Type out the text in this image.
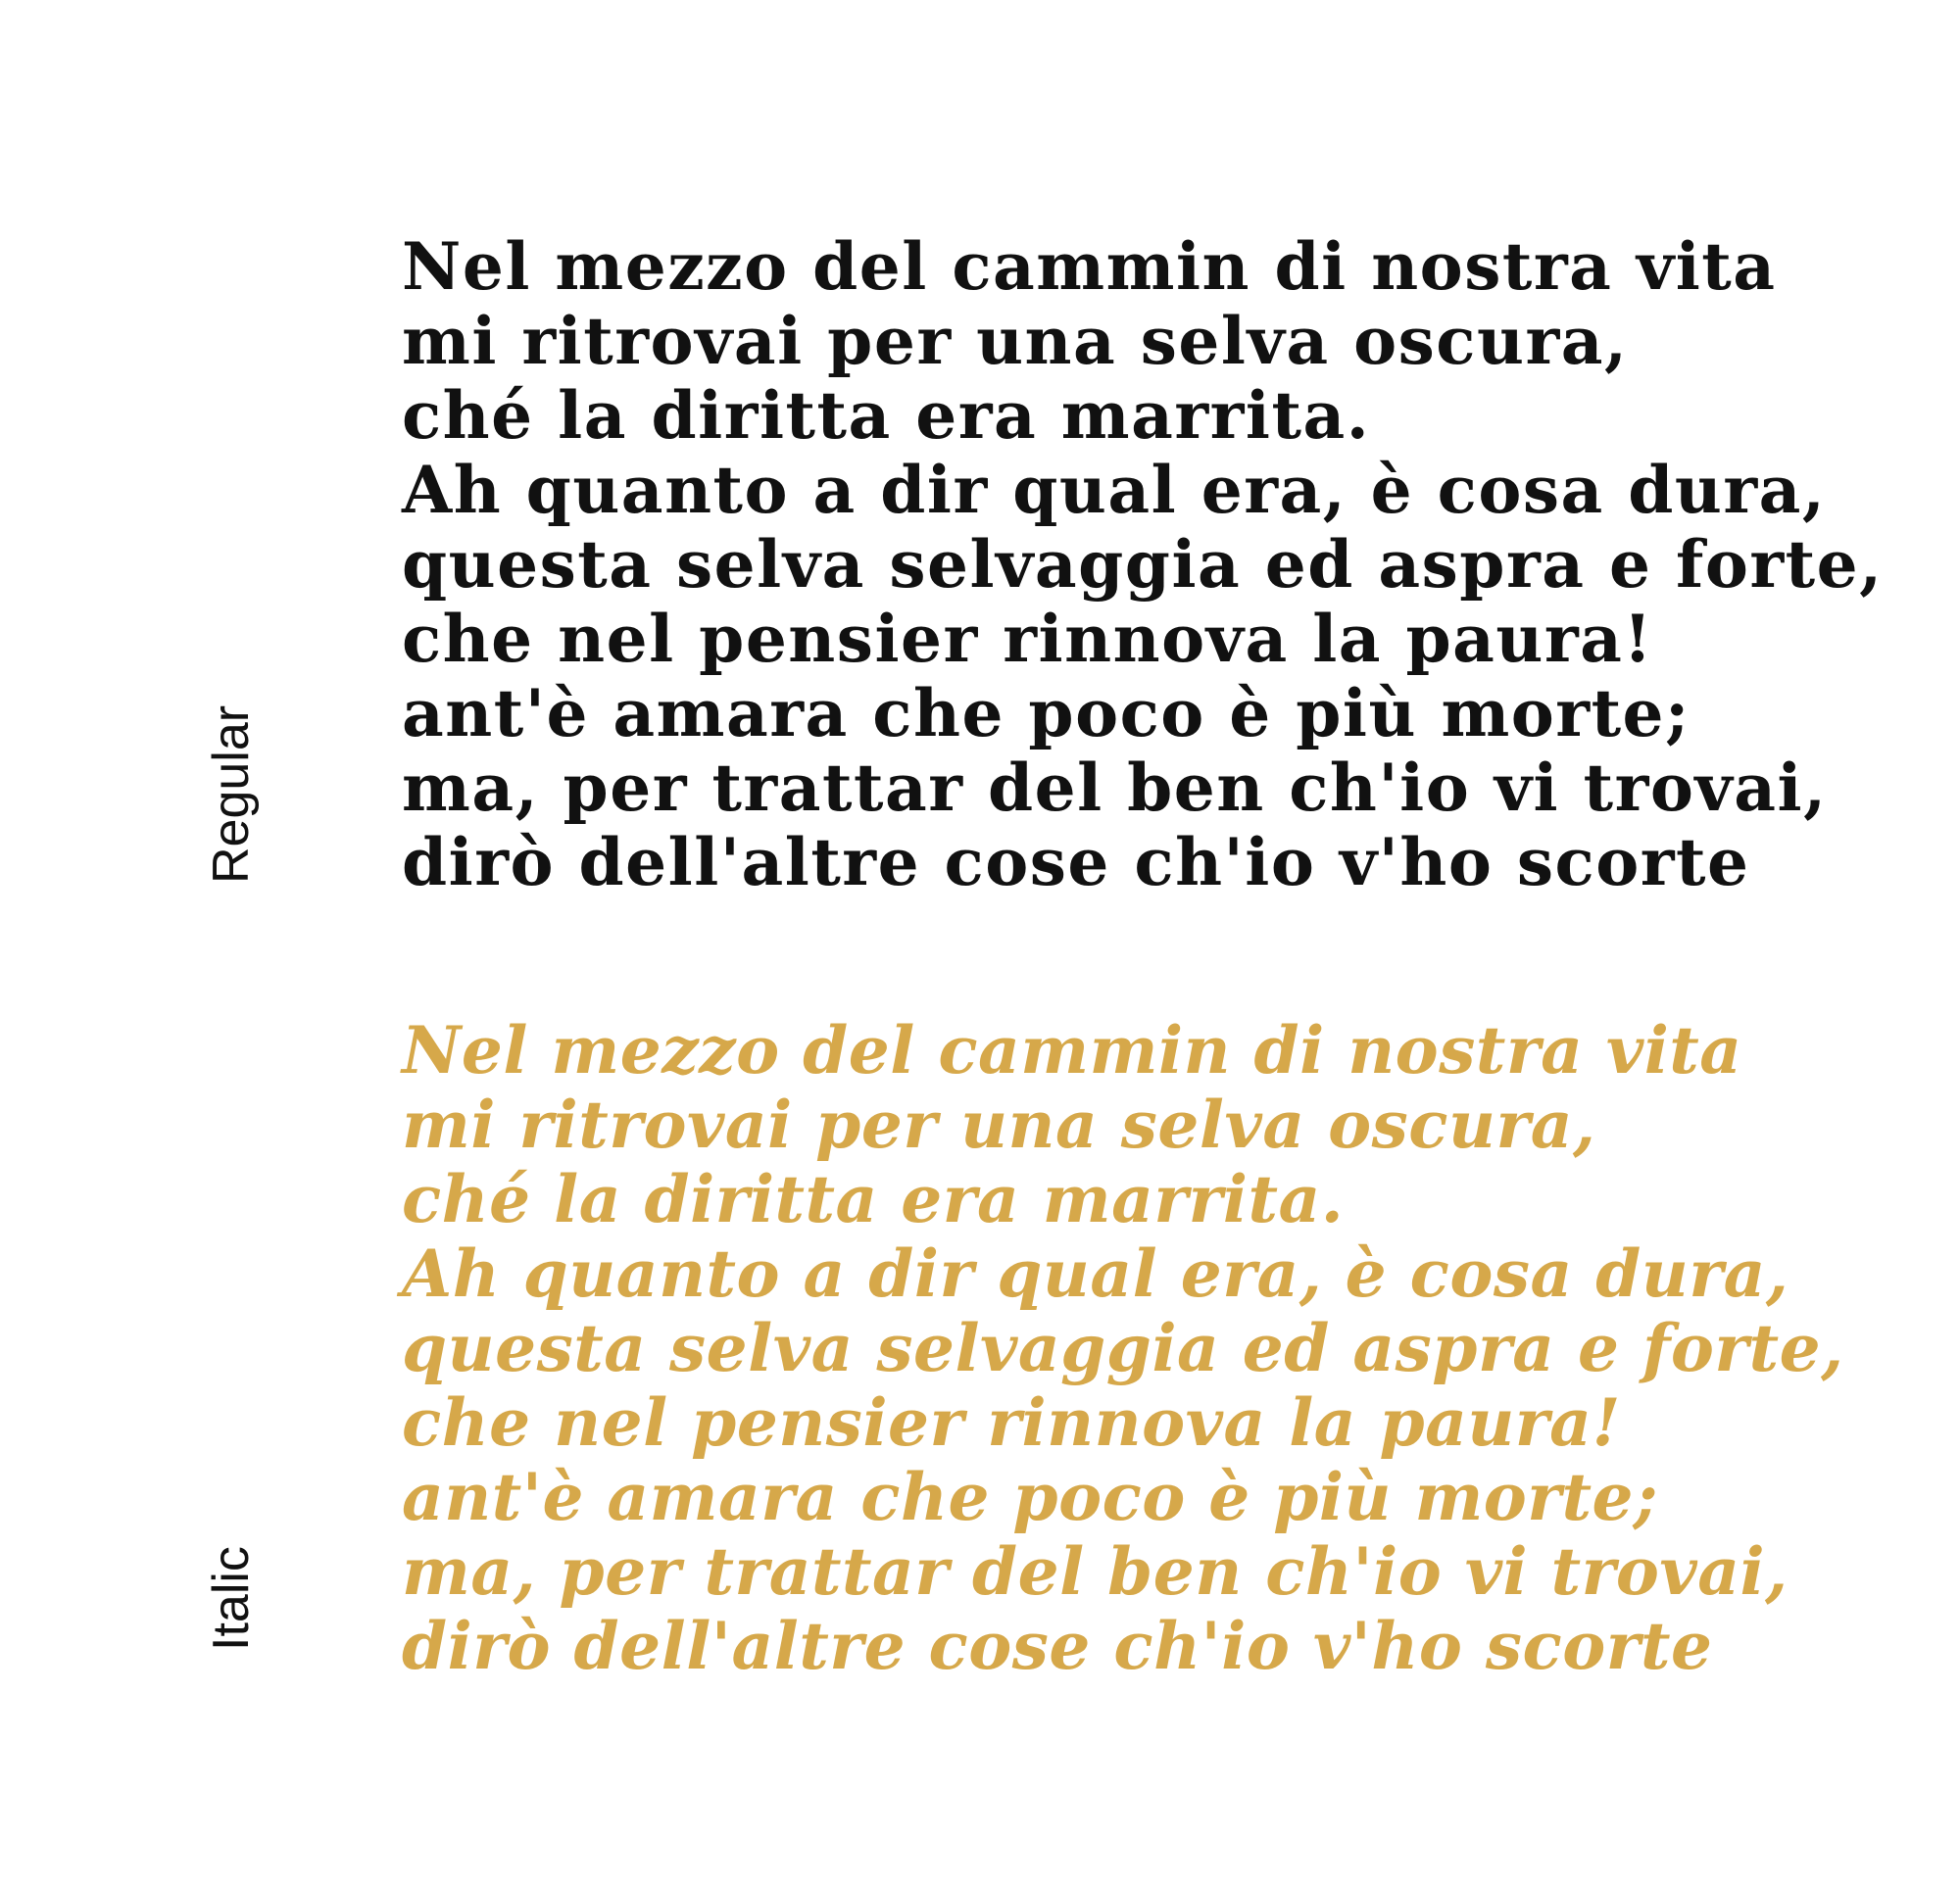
Regular
Nel mezzo del cammin di nostra vita
mi ritrovai per una selva oscura,
ché la diritta era marrita.
Ah quanto a dir qual era, è cosa dura,
questa selva selvaggia ed aspra e forte,
che nel pensier rinnova la paura!
ant'è amara che poco è più morte;
ma, per trattar del ben ch'io vi trovai,
dirò dell'altre cose ch'io v'ho scorte
Italic
Nel mezzo del cammin di nostra vita
mi ritrovai per una selva oscura,
ché la diritta era marrita.
Ah quanto a dir qual era, è cosa dura,
questa selva selvaggia ed aspra e forte,
che nel pensier rinnova la paura!
ant'è amara che poco è più morte;
ma, per trattar del ben ch'io vi trovai,
dirò dell'altre cose ch'io v'ho scorte
